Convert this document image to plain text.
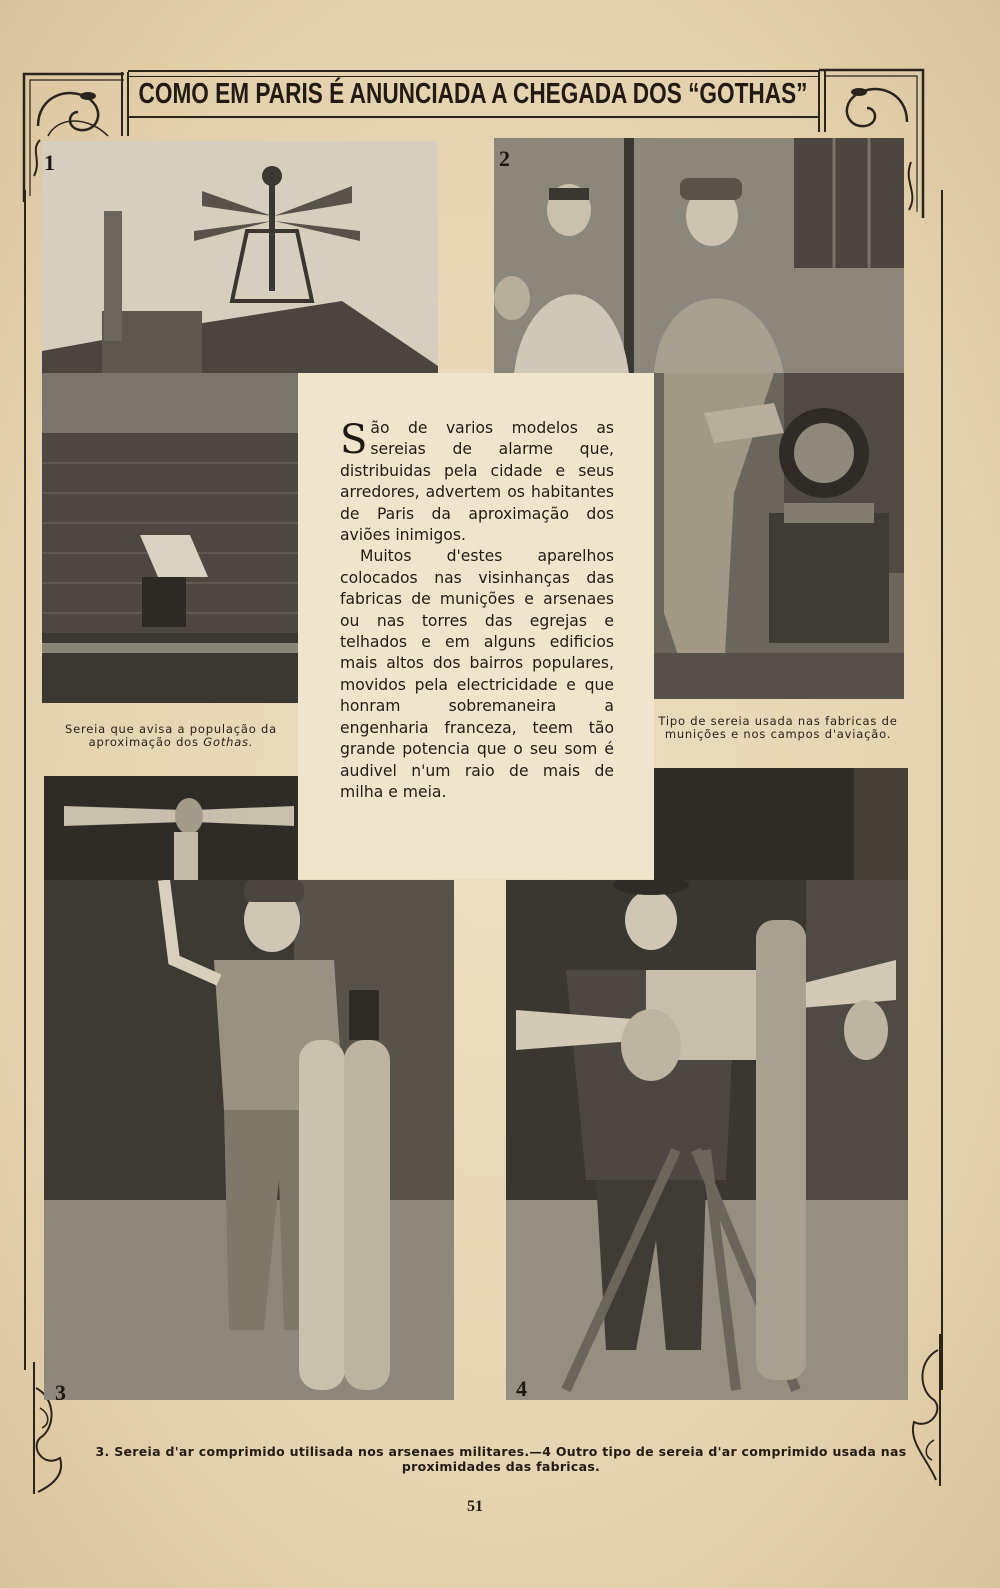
COMO EM PARIS É ANUNCIADA A CHEGADA DOS “GOTHAS”
1
Sereia que avisa a população da aproximação dos Gothas.
2
Tipo de sereia usada nas fabricas de munições e nos campos d'aviação.

São de varios modelos as sereias de alarme que, distribuidas pela cidade e seus arredores, advertem os habitantes de Paris da aproximação dos aviões inimigos.

Muitos d'estes aparelhos colocados nas visinhanças das fabricas de munições e arsenaes ou nas torres das egrejas e telhados e em alguns edificios mais altos dos bairros populares, movidos pela electricidade e que honram sobremaneira a engenharia franceza, teem tão grande potencia que o seu som é audivel n'um raio de mais de milha e meia.

3	4
3. Sereia d'ar comprimido utilisada nos arsenaes militares.—4 Outro tipo de sereia d'ar comprimido usada nas proximidades das fabricas.
51
